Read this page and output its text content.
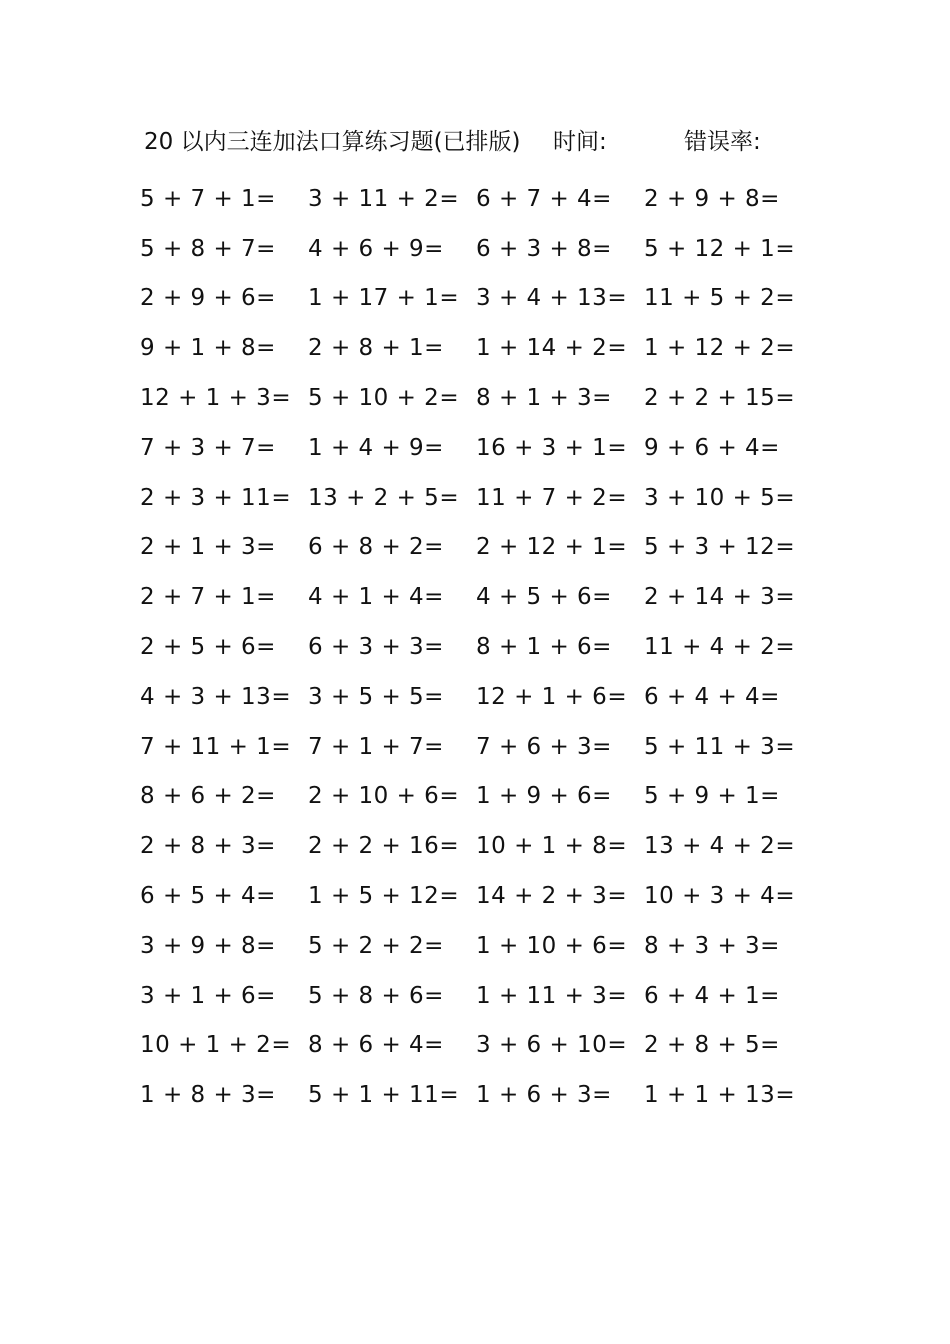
20 以内三连加法口算练习题(已排版) 时间:	错误率:
5 + 7 + 1= 3 + 11 + 2= 6 + 7 + 4= 2 + 9 + 8=
5 + 8 + 7= 4 + 6 + 9= 6 + 3 + 8= 5 + 12 + 1=
2 + 9 + 6= 1 + 17 + 1= 3 + 4 + 13= 11 + 5 + 2=
9 + 1 + 8= 2 + 8 + 1= 1 + 14 + 2= 1 + 12 + 2=
12 + 1 + 3= 5 + 10 + 2= 8 + 1 + 3= 2 + 2 + 15=
7 + 3 + 7= 1 + 4 + 9= 16 + 3 + 1= 9 + 6 + 4=
2 + 3 + 11= 13 + 2 + 5= 11 + 7 + 2= 3 + 10 + 5=
2 + 1 + 3= 6 + 8 + 2= 2 + 12 + 1= 5 + 3 + 12=
2 + 7 + 1= 4 + 1 + 4= 4 + 5 + 6= 2 + 14 + 3=
2 + 5 + 6= 6 + 3 + 3= 8 + 1 + 6= 11 + 4 + 2=
4 + 3 + 13= 3 + 5 + 5= 12 + 1 + 6= 6 + 4 + 4=
7 + 11 + 1= 7 + 1 + 7= 7 + 6 + 3= 5 + 11 + 3=
8 + 6 + 2= 2 + 10 + 6= 1 + 9 + 6= 5 + 9 + 1=
2 + 8 + 3= 2 + 2 + 16= 10 + 1 + 8= 13 + 4 + 2=
6 + 5 + 4= 1 + 5 + 12= 14 + 2 + 3= 10 + 3 + 4=
3 + 9 + 8= 5 + 2 + 2= 1 + 10 + 6= 8 + 3 + 3=
3 + 1 + 6= 5 + 8 + 6= 1 + 11 + 3= 6 + 4 + 1=
10 + 1 + 2= 8 + 6 + 4= 3 + 6 + 10= 2 + 8 + 5=
1 + 8 + 3= 5 + 1 + 11= 1 + 6 + 3= 1 + 1 + 13=
